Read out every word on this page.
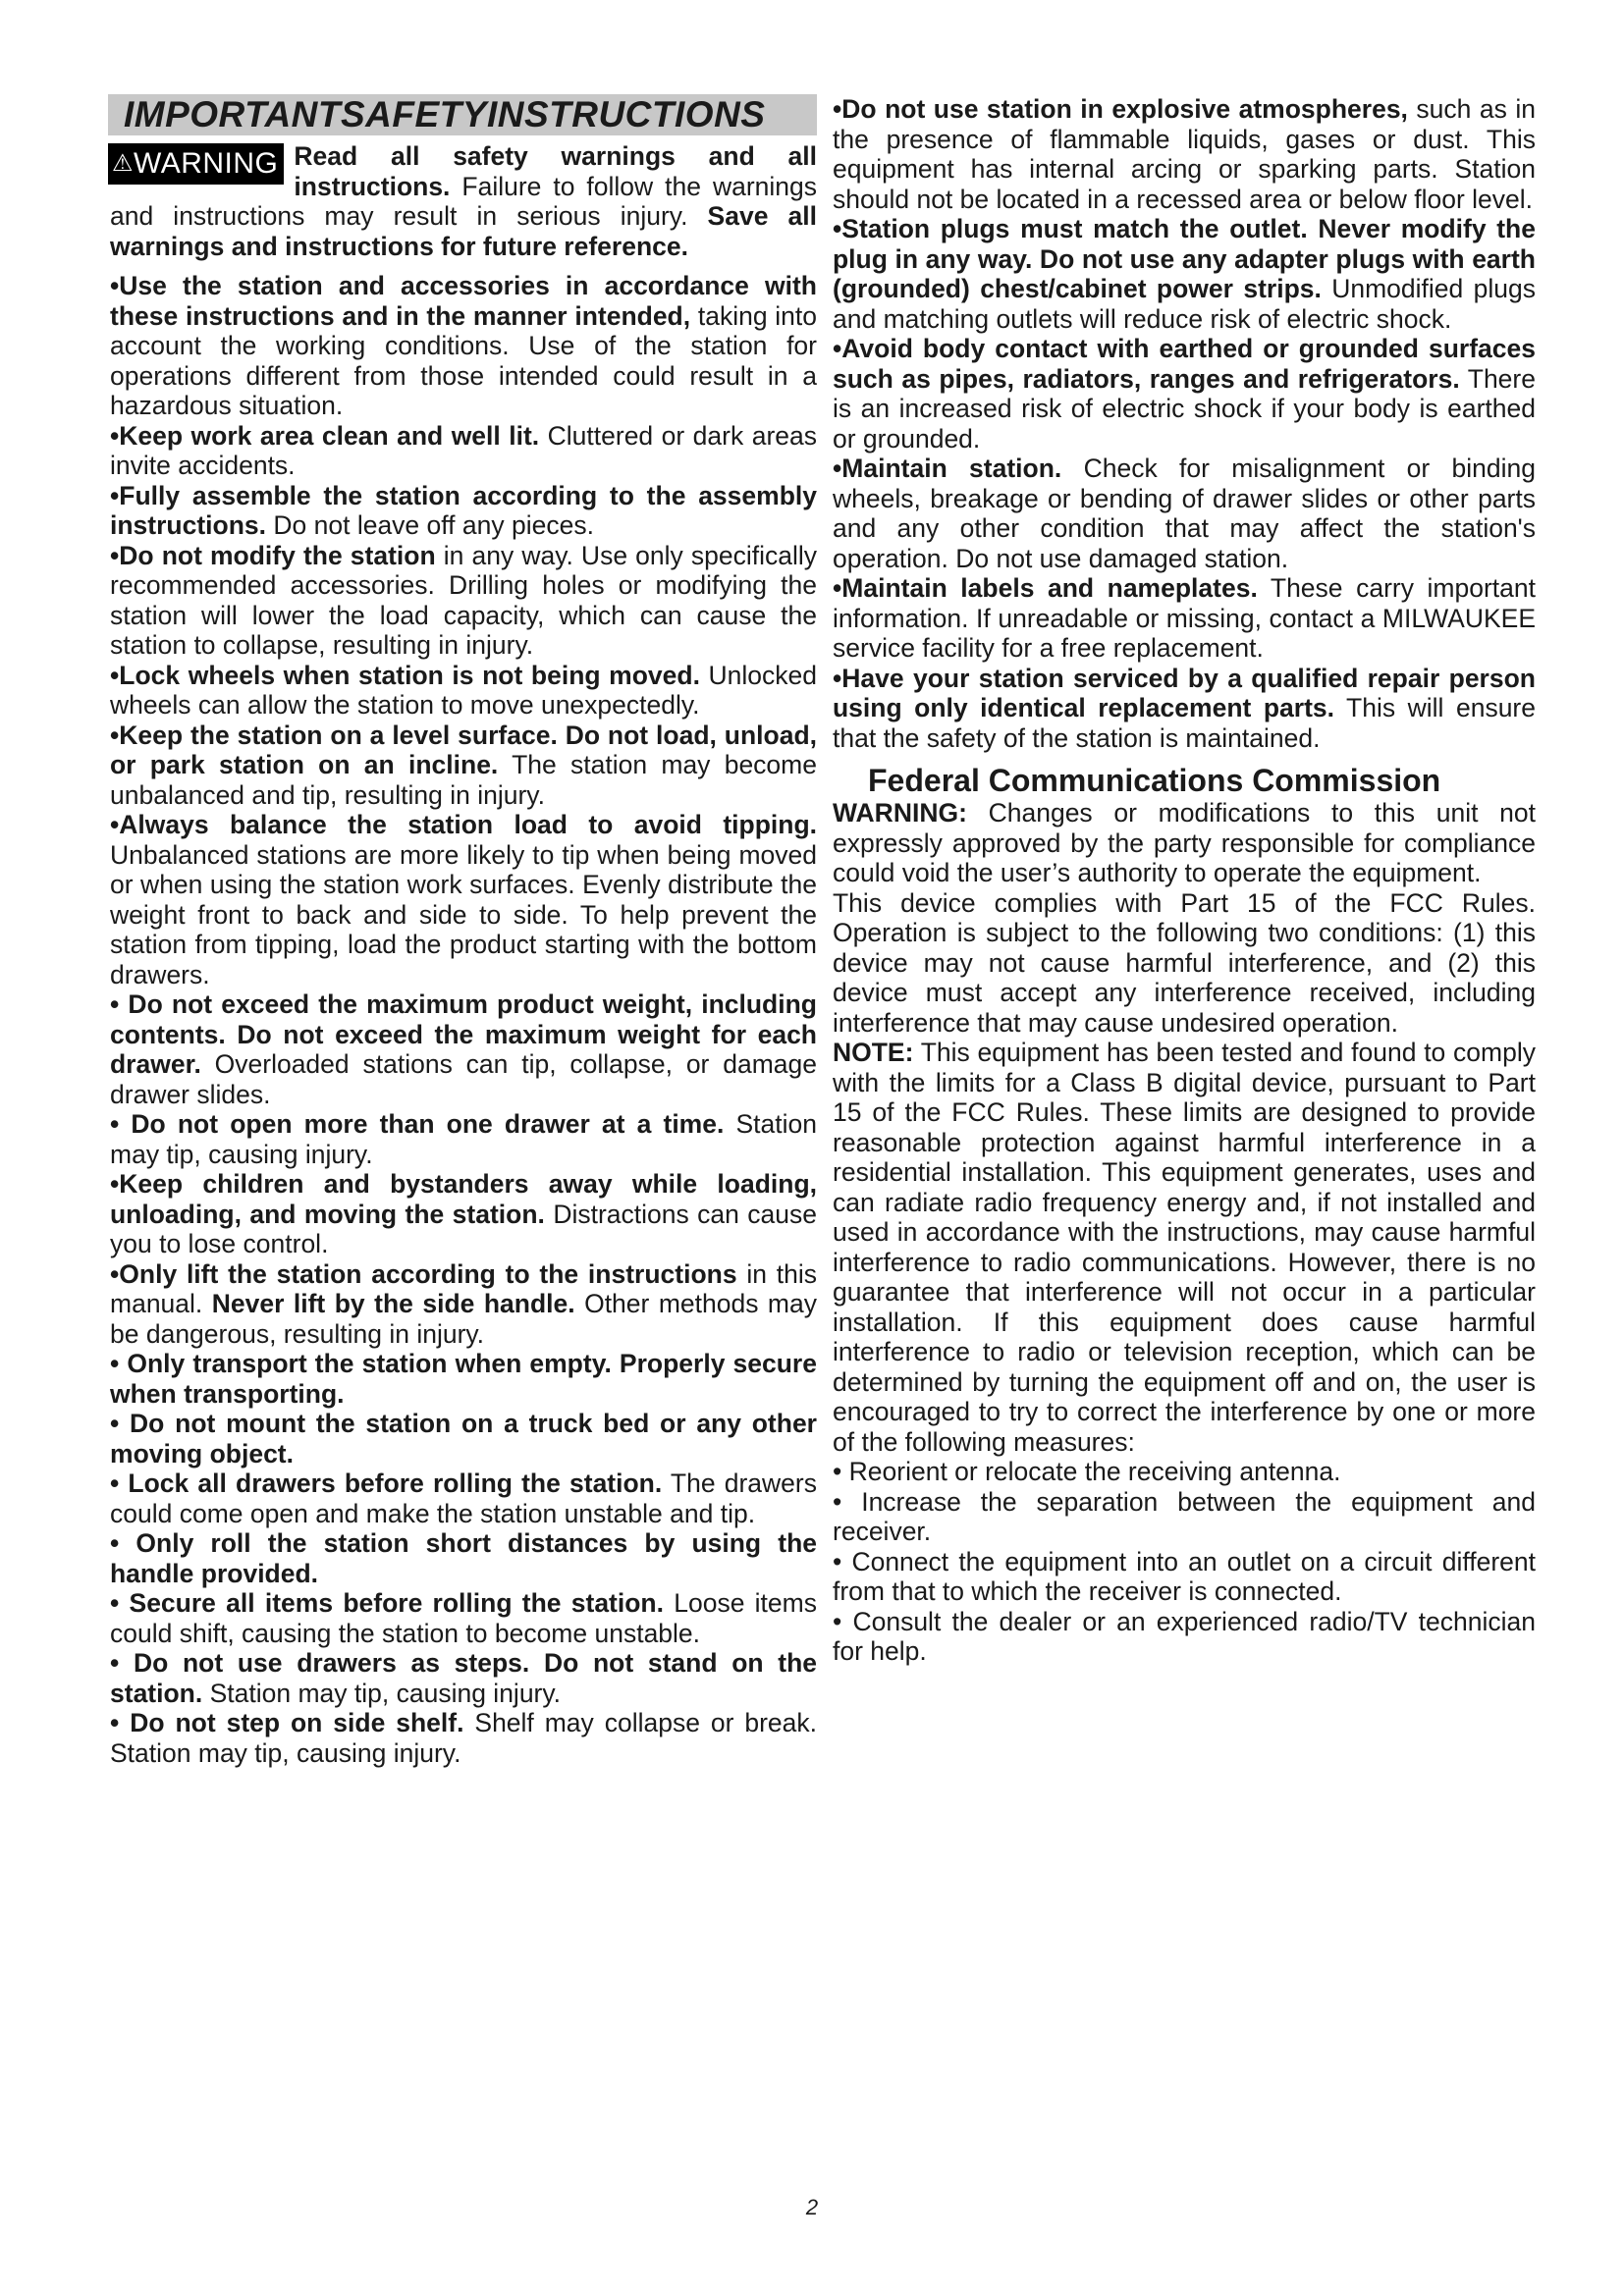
IMPORTANTSAFETYINSTRUCTIONS

⚠WARNING Read all safety warnings and all instructions. Failure to follow the warnings and instructions may result in serious injury. Save all warnings and instructions for future reference.

•Use the station and accessories in accordance with these instructions and in the manner intended, taking into account the working conditions. Use of the station for operations different from those intended could result in a hazardous situation.

•Keep work area clean and well lit. Cluttered or dark areas invite accidents.

•Fully assemble the station according to the assembly instructions. Do not leave off any pieces.

•Do not modify the station in any way. Use only specifically recommended accessories. Drilling holes or modifying the station will lower the load capacity, which can cause the station to collapse, resulting in injury.

•Lock wheels when station is not being moved. Unlocked wheels can allow the station to move unexpectedly.

•Keep the station on a level surface. Do not load, unload, or park station on an incline. The station may become unbalanced and tip, resulting in injury.

•Always balance the station load to avoid tipping. Unbalanced stations are more likely to tip when being moved or when using the station work surfaces. Evenly distribute the weight front to back and side to side. To help prevent the station from tipping, load the product starting with the bottom drawers.

• Do not exceed the maximum product weight, including contents. Do not exceed the maximum weight for each drawer. Overloaded stations can tip, collapse, or damage drawer slides.

• Do not open more than one drawer at a time. Station may tip, causing injury.

•Keep children and bystanders away while loading, unloading, and moving the station. Distractions can cause you to lose control.

•Only lift the station according to the instructions in this manual. Never lift by the side handle. Other methods may be dangerous, resulting in injury.

• Only transport the station when empty. Properly secure when transporting.

• Do not mount the station on a truck bed or any other moving object.

• Lock all drawers before rolling the station. The drawers could come open and make the station unstable and tip.

• Only roll the station short distances by using the handle provided.

• Secure all items before rolling the station. Loose items could shift, causing the station to become unstable.

• Do not use drawers as steps. Do not stand on the station. Station may tip, causing injury.

• Do not step on side shelf. Shelf may collapse or break. Station may tip, causing injury.

•Do not use station in explosive atmospheres, such as in the presence of flammable liquids, gases or dust. This equipment has internal arcing or sparking parts. Station should not be located in a recessed area or below floor level.

•Station plugs must match the outlet. Never modify the plug in any way. Do not use any adapter plugs with earth (grounded) chest/cabinet power strips. Unmodified plugs and matching outlets will reduce risk of electric shock.

•Avoid body contact with earthed or grounded surfaces such as pipes, radiators, ranges and refrigerators. There is an increased risk of electric shock if your body is earthed or grounded.

•Maintain station. Check for misalignment or binding wheels, breakage or bending of drawer slides or other parts and any other condition that may affect the station's operation. Do not use damaged station.

•Maintain labels and nameplates. These carry important information. If unreadable or missing, contact a MILWAUKEE service facility for a free replacement.

•Have your station serviced by a qualified repair person using only identical replacement parts. This will ensure that the safety of the station is maintained.

Federal Communications Commission

WARNING: Changes or modifications to this unit not expressly approved by the party responsible for compliance could void the user’s authority to operate the equipment.

This device complies with Part 15 of the FCC Rules. Operation is subject to the following two conditions: (1) this device may not cause harmful interference, and (2) this device must accept any interference received, including interference that may cause undesired operation.

NOTE: This equipment has been tested and found to comply with the limits for a Class B digital device, pursuant to Part 15 of the FCC Rules. These limits are designed to provide reasonable protection against harmful interference in a residential installation. This equipment generates, uses and can radiate radio frequency energy and, if not installed and used in accordance with the instructions, may cause harmful interference to radio communications. However, there is no guarantee that interference will not occur in a particular installation. If this equipment does cause harmful interference to radio or television reception, which can be determined by turning the equipment off and on, the user is encouraged to try to correct the interference by one or more of the following measures:

• Reorient or relocate the receiving antenna.

• Increase the separation between the equipment and receiver.

• Connect the equipment into an outlet on a circuit different from that to which the receiver is connected.

• Consult the dealer or an experienced radio/TV technician for help.

2
